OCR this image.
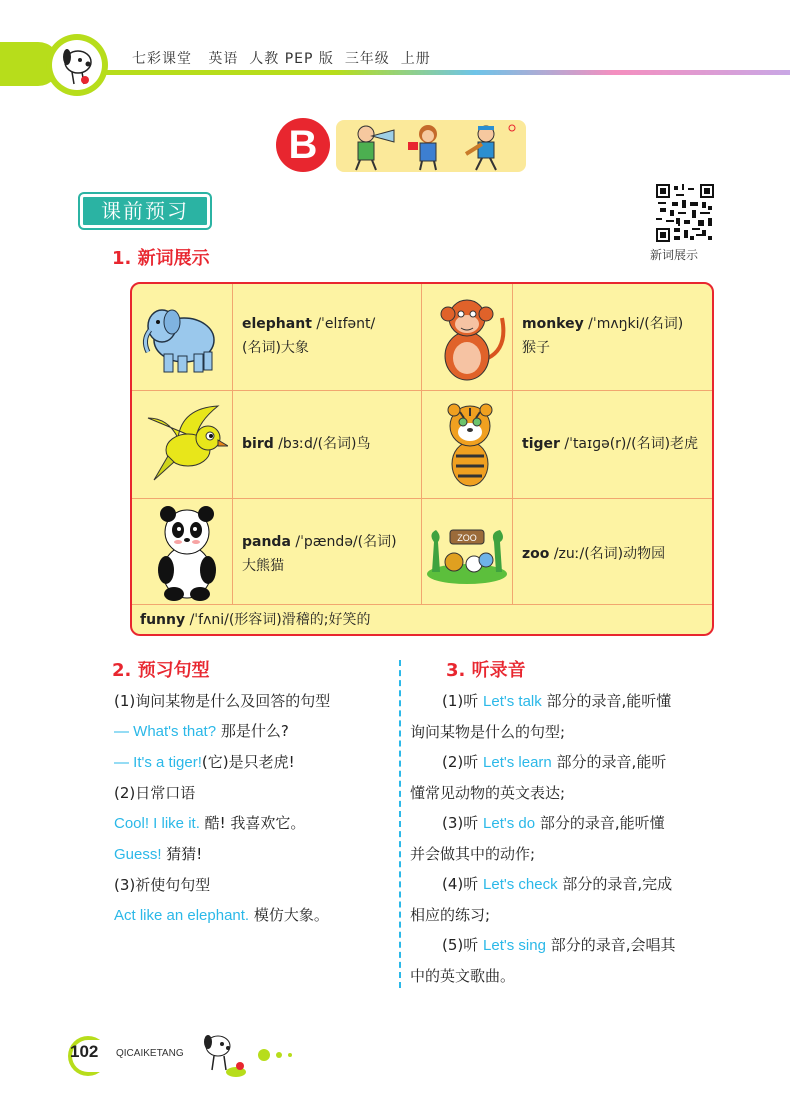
七彩课堂 英语 人教 PEP 版 三年级 上册
B
课前预习
新词展示
1. 新词展示
elephant /ˈelɪfənt/
(名词)大象
monkey /ˈmʌŋki/(名词)
猴子
bird /bɜːd/(名词)鸟	tiger /ˈtaɪɡə(r)/(名词)老虎
panda /ˈpændə/(名词)
大熊猫
ZOO
zoo /zuː/(名词)动物园
funny /ˈfʌni/(形容词)滑稽的;好笑的
2. 预习句型
(1)询问某物是什么及回答的句型
— What's that? 那是什么?
— It's a tiger!(它)是只老虎!
(2)日常口语
Cool! I like it. 酷! 我喜欢它。
Guess! 猜猜!
(3)祈使句句型
Act like an elephant. 模仿大象。
3. 听录音
(1)听 Let's talk 部分的录音,能听懂
询问某物是什么的句型;
(2)听 Let's learn 部分的录音,能听
懂常见动物的英文表达;
(3)听 Let's do 部分的录音,能听懂
并会做其中的动作;
(4)听 Let's check 部分的录音,完成
相应的练习;
(5)听 Let's sing 部分的录音,会唱其
中的英文歌曲。
102 QICAIKETANG
